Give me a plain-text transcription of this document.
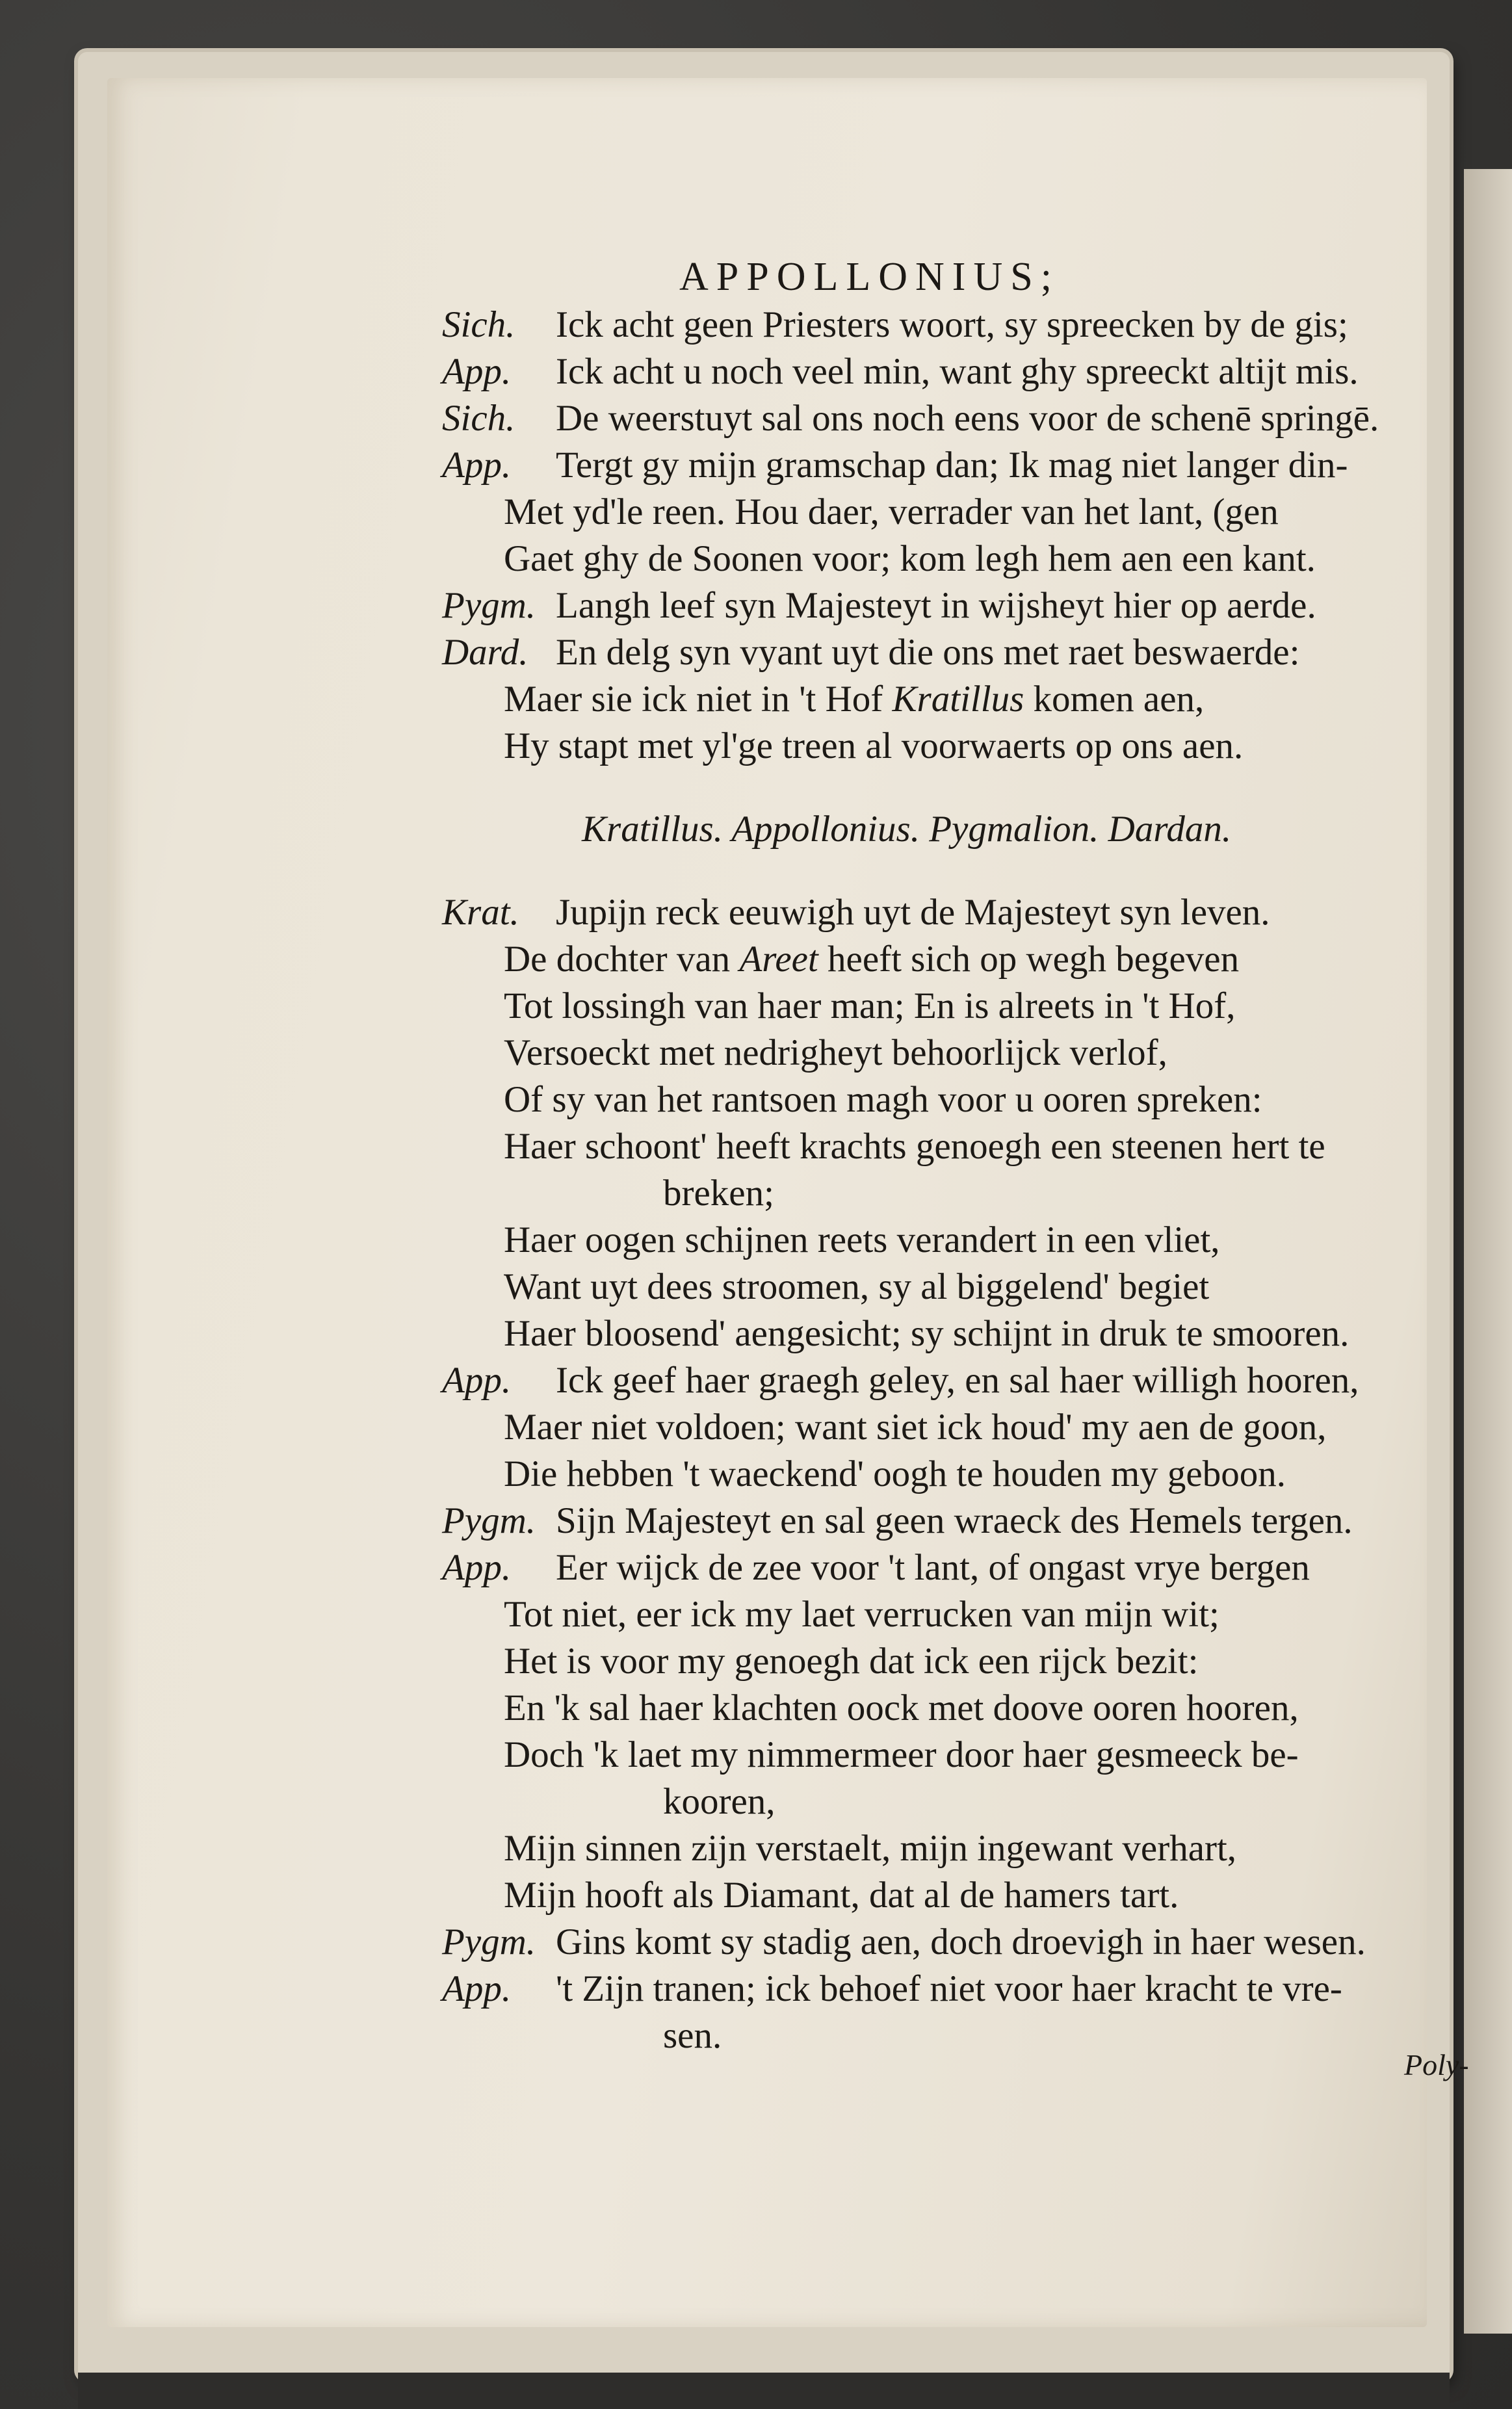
APPOLLONIUS;
Sich. Ick acht geen Priesters woort, sy spreecken by de gis;
App. Ick acht u noch veel min, want ghy spreeckt altijt mis.
Sich. De weerstuyt sal ons noch eens voor de schenē springē.
App. Tergt gy mijn gramschap dan; Ik mag niet langer din-
Met yd'le reen. Hou daer, verrader van het lant, (gen
Gaet ghy de Soonen voor; kom legh hem aen een kant.
Pygm. Langh leef syn Majesteyt in wijsheyt hier op aerde.
Dard. En delg syn vyant uyt die ons met raet beswaerde:
Maer sie ick niet in 't Hof Kratillus komen aen,
Hy stapt met yl'ge treen al voorwaerts op ons aen.
Kratillus. Appollonius. Pygmalion. Dardan.
Krat. Jupijn reck eeuwigh uyt de Majesteyt syn leven.
De dochter van Areet heeft sich op wegh begeven
Tot lossingh van haer man; En is alreets in 't Hof,
Versoeckt met nedrigheyt behoorlijck verlof,
Of sy van het rantsoen magh voor u ooren spreken:
Haer schoont' heeft krachts genoegh een steenen hert te
breken;
Haer oogen schijnen reets verandert in een vliet,
Want uyt dees stroomen, sy al biggelend' begiet
Haer bloosend' aengesicht; sy schijnt in druk te smooren.
App. Ick geef haer graegh geley, en sal haer willigh hooren,
Maer niet voldoen; want siet ick houd' my aen de goon,
Die hebben 't waeckend' oogh te houden my geboon.
Pygm. Sijn Majesteyt en sal geen wraeck des Hemels tergen.
App. Eer wijck de zee voor 't lant, of ongast vrye bergen
Tot niet, eer ick my laet verrucken van mijn wit;
Het is voor my genoegh dat ick een rijck bezit:
En 'k sal haer klachten oock met doove ooren hooren,
Doch 'k laet my nimmermeer door haer gesmeeck be-
kooren,
Mijn sinnen zijn verstaelt, mijn ingewant verhart,
Mijn hooft als Diamant, dat al de hamers tart.
Pygm. Gins komt sy stadig aen, doch droevigh in haer wesen.
App. 't Zijn tranen; ick behoef niet voor haer kracht te vre-
sen.
Poly-
